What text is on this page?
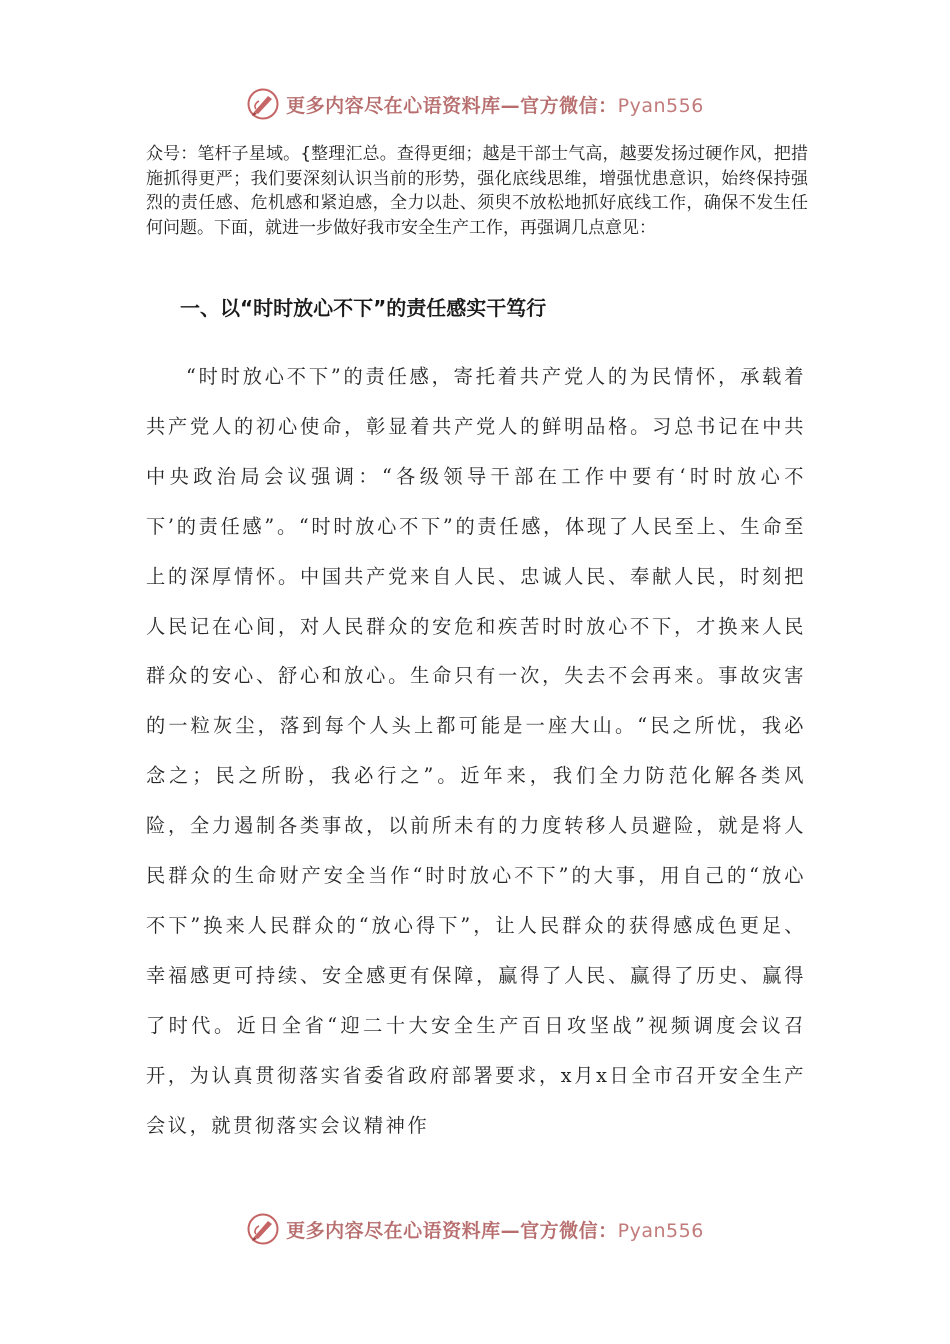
更多内容尽在心语资料库—官方微信：Pyan556
众号：笔杆子星域。{整理汇总。查得更细；越是干部士气高，越要发扬过硬作风，把措施抓得更严；我们要深刻认识当前的形势，强化底线思维，增强忧患意识，始终保持强烈的责任感、危机感和紧迫感，全力以赴、须臾不放松地抓好底线工作，确保不发生任何问题。下面，就进一步做好我市安全生产工作，再强调几点意见：
一、以“时时放心不下”的责任感实干笃行
“时时放心不下”的责任感，寄托着共产党人的为民情怀，承载着共产党人的初心使命，彰显着共产党人的鲜明品格。习总书记在中共中央政治局会议强调：“各级领导干部在工作中要有‘时时放心不下’的责任感”。“时时放心不下”的责任感，体现了人民至上、生命至上的深厚情怀。中国共产党来自人民、忠诚人民、奉献人民，时刻把人民记在心间，对人民群众的安危和疾苦时时放心不下，才换来人民群众的安心、舒心和放心。生命只有一次，失去不会再来。事故灾害的一粒灰尘，落到每个人头上都可能是一座大山。“民之所忧，我必念之；民之所盼，我必行之”。近年来，我们全力防范化解各类风险，全力遏制各类事故，以前所未有的力度转移人员避险，就是将人民群众的生命财产安全当作“时时放心不下”的大事，用自己的“放心不下”换来人民群众的“放心得下”，让人民群众的获得感成色更足、幸福感更可持续、安全感更有保障，赢得了人民、赢得了历史、赢得了时代。近日全省“迎二十大安全生产百日攻坚战”视频调度会议召开，为认真贯彻落实省委省政府部署要求，x月x日全市召开安全生产会议，就贯彻落实会议精神作
更多内容尽在心语资料库—官方微信：Pyan556
